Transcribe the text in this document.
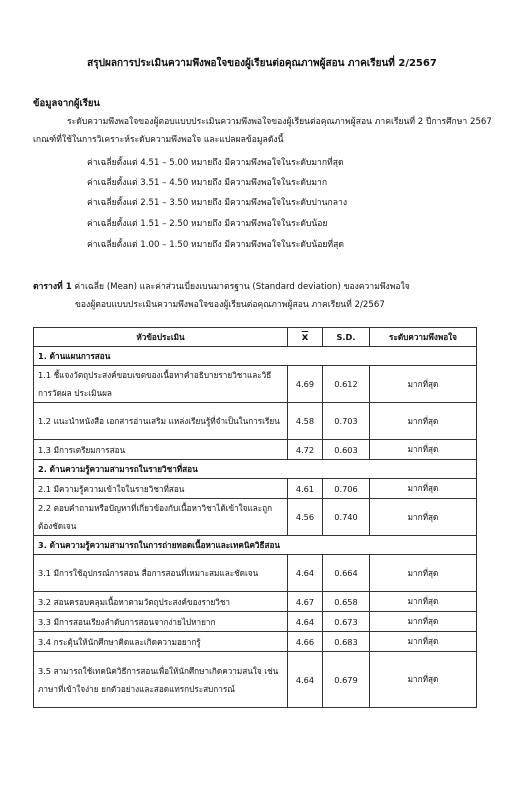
สรุปผลการประเมินความพึงพอใจของผู้เรียนต่อคุณภาพผู้สอน ภาคเรียนที่ 2/2567
ข้อมูลจากผู้เรียน
ระดับความพึงพอใจของผู้ตอบแบบประเมินความพึงพอใจของผู้เรียนต่อคุณภาพผู้สอน ภาคเรียนที่ 2 ปีการศึกษา 2567 เกณฑ์ที่ใช้ในการวิเคราะห์ระดับความพึงพอใจ และแปลผลข้อมูลดังนี้
ค่าเฉลี่ยตั้งแต่ 4.51 – 5.00 หมายถึง มีความพึงพอใจในระดับมากที่สุด
ค่าเฉลี่ยตั้งแต่ 3.51 – 4.50 หมายถึง มีความพึงพอใจในระดับมาก
ค่าเฉลี่ยตั้งแต่ 2.51 – 3.50 หมายถึง มีความพึงพอใจในระดับปานกลาง
ค่าเฉลี่ยตั้งแต่ 1.51 – 2.50 หมายถึง มีความพึงพอใจในระดับน้อย
ค่าเฉลี่ยตั้งแต่ 1.00 – 1.50 หมายถึง มีความพึงพอใจในระดับน้อยที่สุด
ตารางที่ 1 ค่าเฉลี่ย (Mean) และค่าส่วนเบี่ยงเบนมาตรฐาน (Standard deviation) ของความพึงพอใจ
ของผู้ตอบแบบประเมินความพึงพอใจของผู้เรียนต่อคุณภาพผู้สอน ภาคเรียนที่ 2/2567
หัวข้อประเมิน	$\overline{x}$	S.D.	ระดับความพึงพอใจ
1. ด้านแผนการสอน			
1.1 ชี้แจงวัตถุประสงค์ขอบเขตของเนื้อหาคำอธิบายรายวิชาและวิธีการวัดผล ประเมินผล	4.69	0.612	มากที่สุด
1.2 แนะนำหนังสือ เอกสารอ่านเสริม แหล่งเรียนรู้ที่จำเป็นในการเรียน	4.58	0.703	มากที่สุด
1.3 มีการเตรียมการสอน	4.72	0.603	มากที่สุด
2. ด้านความรู้ความสามารถในรายวิชาที่สอน			
2.1 มีความรู้ความเข้าใจในรายวิชาที่สอน	4.61	0.706	มากที่สุด
2.2 ตอบคำถามหรือปัญหาที่เกี่ยวข้องกับเนื้อหาวิชาได้เข้าใจและถูกต้องชัดเจน	4.56	0.740	มากที่สุด
3. ด้านความรู้ความสามารถในการถ่ายทอดเนื้อหาและเทคนิควิธีสอน			
3.1 มีการใช้อุปกรณ์การสอน สื่อการสอนที่เหมาะสมและชัดเจน	4.64	0.664	มากที่สุด
3.2 สอนครอบคลุมเนื้อหาตามวัตถุประสงค์ของรายวิชา	4.67	0.658	มากที่สุด
3.3 มีการสอนเรียงลำดับการสอนจากง่ายไปหายาก	4.64	0.673	มากที่สุด
3.4 กระตุ้นให้นักศึกษาคิดและเกิดความอยากรู้	4.66	0.683	มากที่สุด
3.5 สามารถใช้เทคนิควิธีการสอนเพื่อให้นักศึกษาเกิดความสนใจ เช่นภาษาที่เข้าใจง่าย ยกตัวอย่างและสอดแทรกประสบการณ์	4.64	0.679	มากที่สุด
